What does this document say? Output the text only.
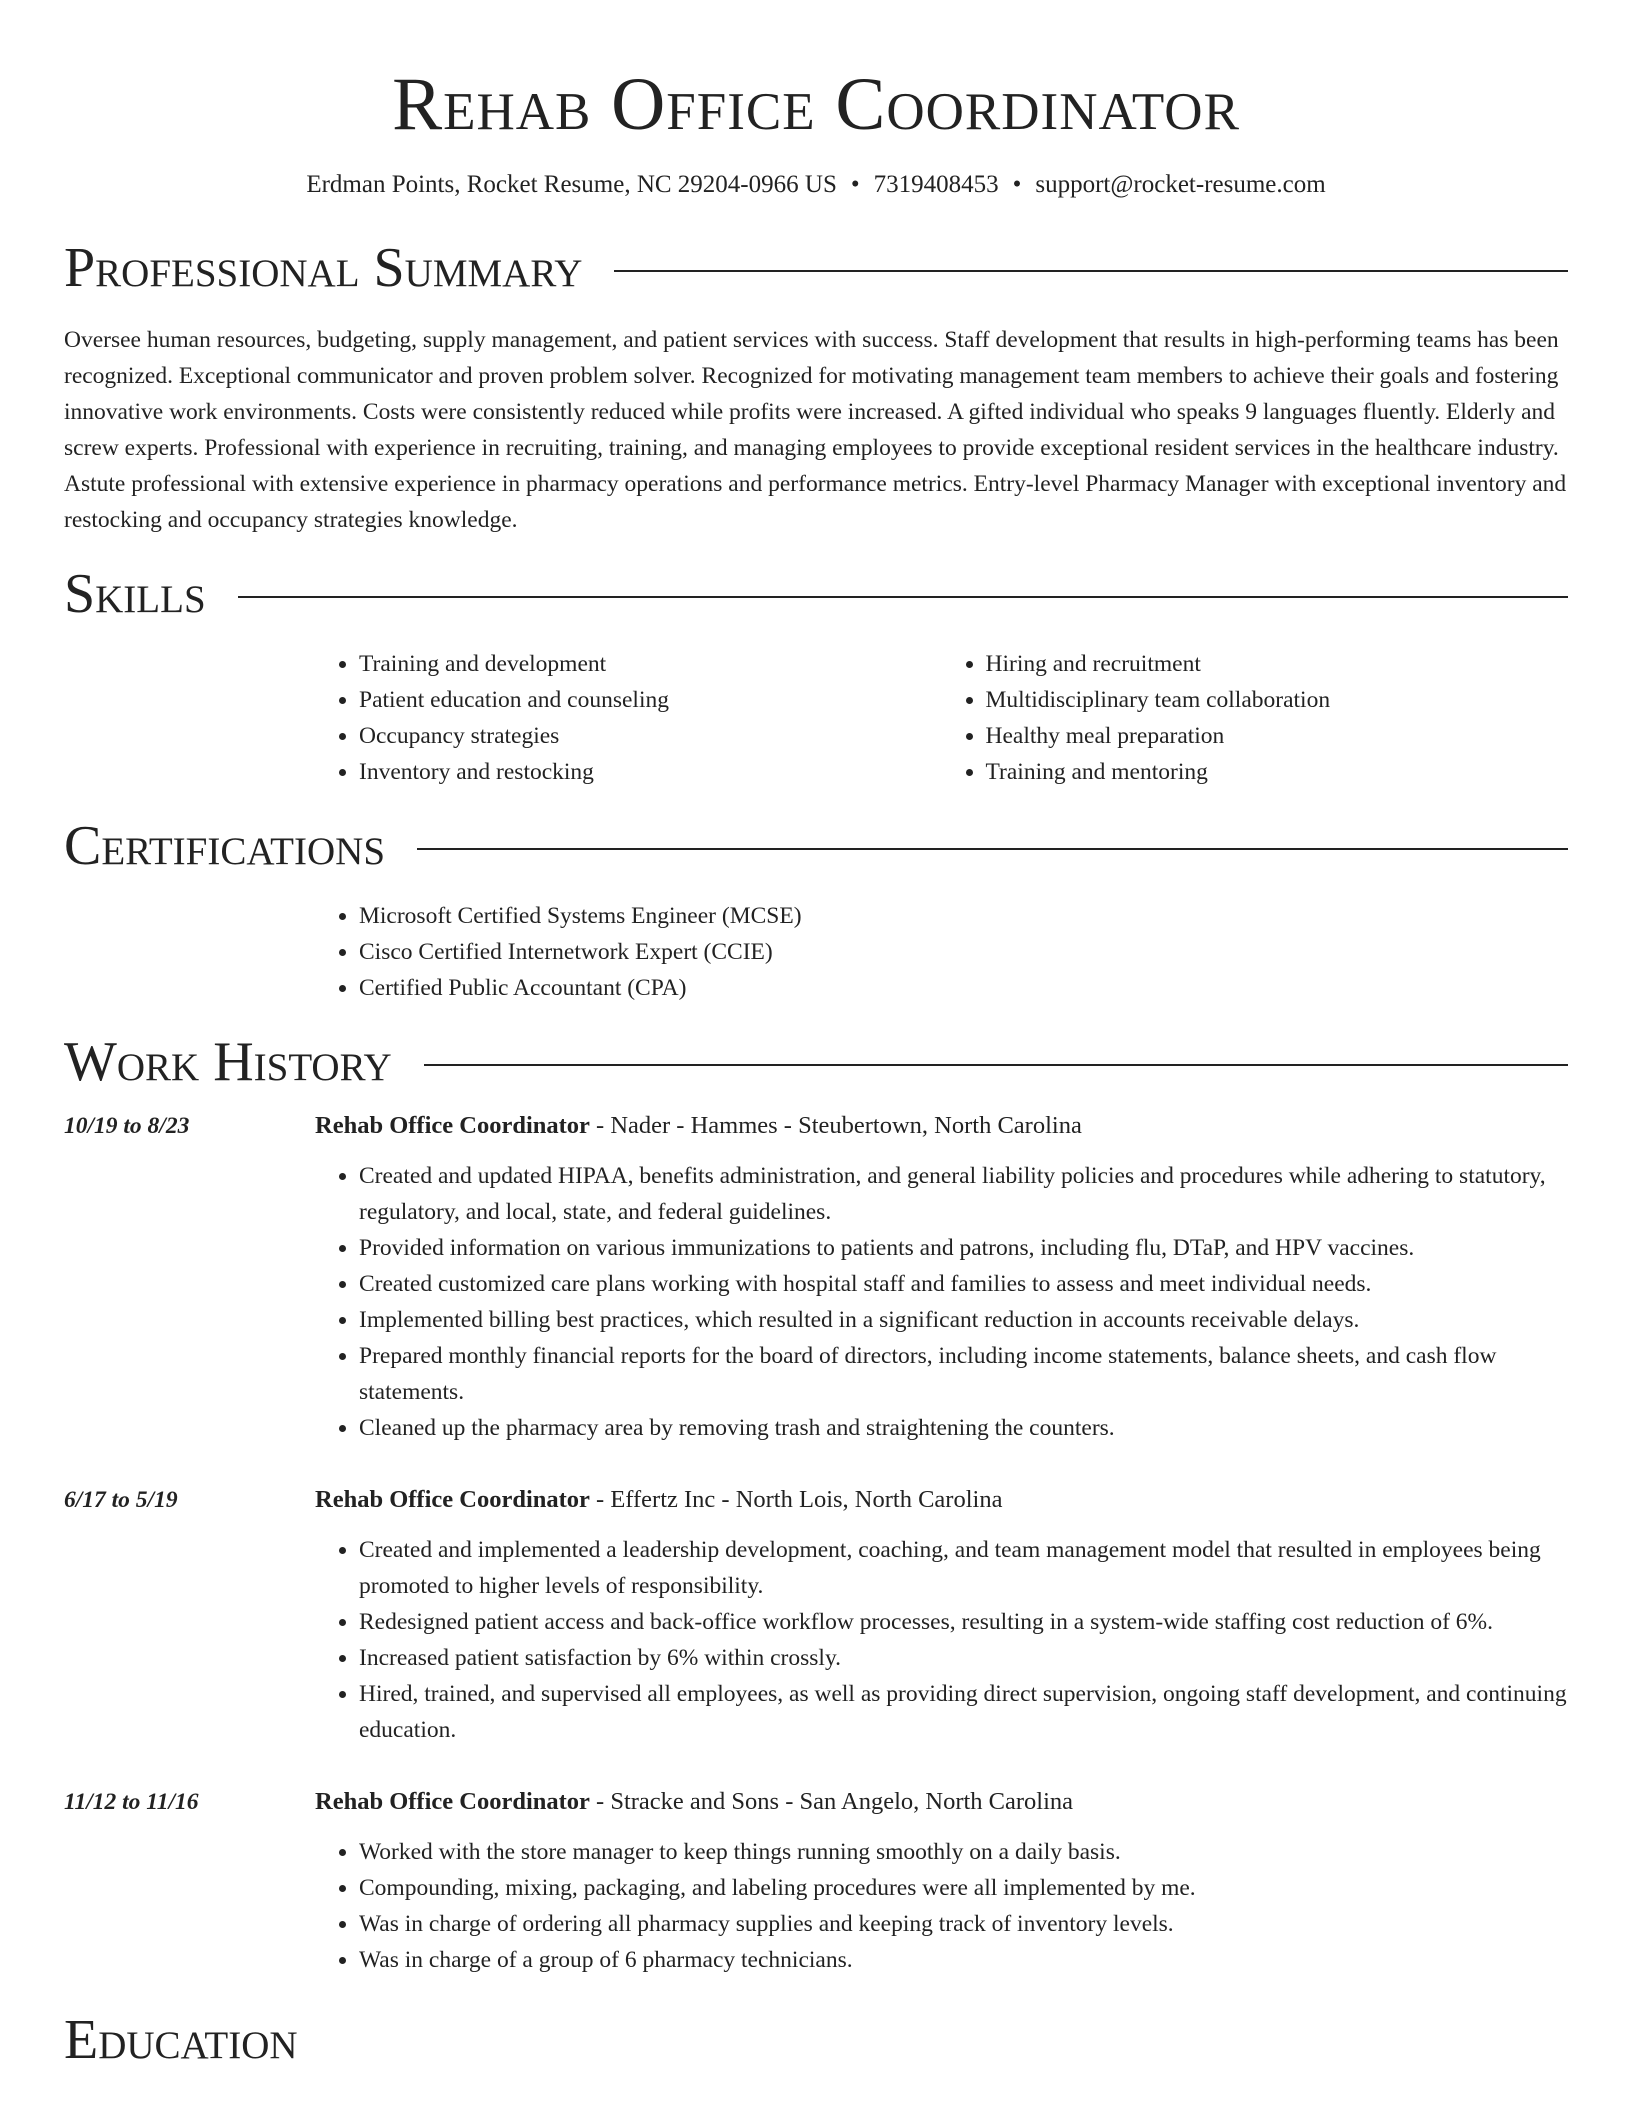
Rehab Office Coordinator
Erdman Points, Rocket Resume, NC 29204-0966 US • 7319408453 • support@rocket-resume.com
Professional Summary

Oversee human resources, budgeting, supply management, and patient services with success. Staff development that results in high-performing teams has been recognized. Exceptional communicator and proven problem solver. Recognized for motivating management team members to achieve their goals and fostering innovative work environments. Costs were consistently reduced while profits were increased. A gifted individual who speaks 9 languages fluently. Elderly and screw experts. Professional with experience in recruiting, training, and managing employees to provide exceptional resident services in the healthcare industry. Astute professional with extensive experience in pharmacy operations and performance metrics. Entry-level Pharmacy Manager with exceptional inventory and restocking and occupancy strategies knowledge.

Skills
• Training and development
• Patient education and counseling
• Occupancy strategies
• Inventory and restocking
• Hiring and recruitment
• Multidisciplinary team collaboration
• Healthy meal preparation
• Training and mentoring
Certifications
• Microsoft Certified Systems Engineer (MCSE)
• Cisco Certified Internetwork Expert (CCIE)
• Certified Public Accountant (CPA)
Work History
10/19 to 8/23	Rehab Office Coordinator - Nader - Hammes - Steubertown, North Carolina
• Created and updated HIPAA, benefits administration, and general liability policies and procedures while adhering to statutory, regulatory, and local, state, and federal guidelines.
• Provided information on various immunizations to patients and patrons, including flu, DTaP, and HPV vaccines.
• Created customized care plans working with hospital staff and families to assess and meet individual needs.
• Implemented billing best practices, which resulted in a significant reduction in accounts receivable delays.
• Prepared monthly financial reports for the board of directors, including income statements, balance sheets, and cash flow statements.
• Cleaned up the pharmacy area by removing trash and straightening the counters.
6/17 to 5/19	Rehab Office Coordinator - Effertz Inc - North Lois, North Carolina
• Created and implemented a leadership development, coaching, and team management model that resulted in employees being promoted to higher levels of responsibility.
• Redesigned patient access and back-office workflow processes, resulting in a system-wide staffing cost reduction of 6%.
• Increased patient satisfaction by 6% within crossly.
• Hired, trained, and supervised all employees, as well as providing direct supervision, ongoing staff development, and continuing education.
11/12 to 11/16	Rehab Office Coordinator - Stracke and Sons - San Angelo, North Carolina
• Worked with the store manager to keep things running smoothly on a daily basis.
• Compounding, mixing, packaging, and labeling procedures were all implemented by me.
• Was in charge of ordering all pharmacy supplies and keeping track of inventory levels.
• Was in charge of a group of 6 pharmacy technicians.
Education
